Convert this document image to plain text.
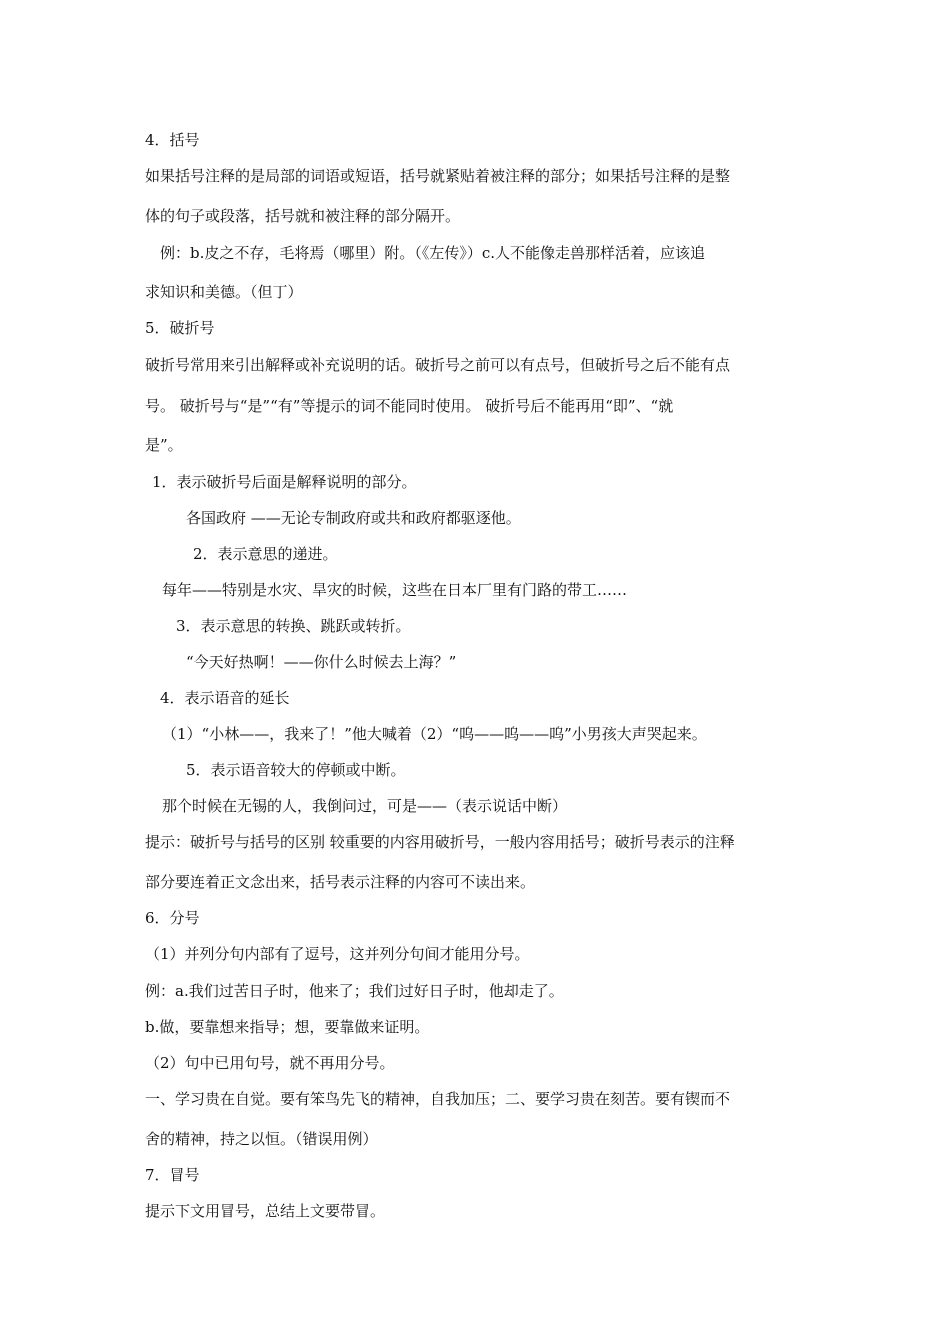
4．括号
如果括号注释的是局部的词语或短语，括号就紧贴着被注释的部分；如果括号注释的是整
体的句子或段落，括号就和被注释的部分隔开。
例：b.皮之不存，毛将焉（哪里）附。（《左传》）c.人不能像走兽那样活着，应该追
求知识和美德。（但丁）
5．破折号
破折号常用来引出解释或补充说明的话。破折号之前可以有点号，但破折号之后不能有点
号。 破折号与“是”“有”等提示的词不能同时使用。 破折号后不能再用“即”、“就
是”。
1．表示破折号后面是解释说明的部分。
各国政府 ——无论专制政府或共和政府都驱逐他。
2．表示意思的递进。
每年——特别是水灾、旱灾的时候，这些在日本厂里有门路的带工……
3．表示意思的转换、跳跃或转折。
“今天好热啊！——你什么时候去上海？”
4．表示语音的延长
（1）“小林——，我来了！”他大喊着（2）“呜——呜——呜”小男孩大声哭起来。
5．表示语音较大的停顿或中断。
那个时候在无锡的人，我倒问过，可是——（表示说话中断）
提示：破折号与括号的区别 较重要的内容用破折号，一般内容用括号；破折号表示的注释
部分要连着正文念出来，括号表示注释的内容可不读出来。
6．分号
（1）并列分句内部有了逗号，这并列分句间才能用分号。
例：a.我们过苦日子时，他来了；我们过好日子时，他却走了。
b.做，要靠想来指导；想，要靠做来证明。
（2）句中已用句号，就不再用分号。
一、学习贵在自觉。要有笨鸟先飞的精神，自我加压；二、要学习贵在刻苦。要有锲而不
舍的精神，持之以恒。（错误用例）
7．冒号
提示下文用冒号，总结上文要带冒。
